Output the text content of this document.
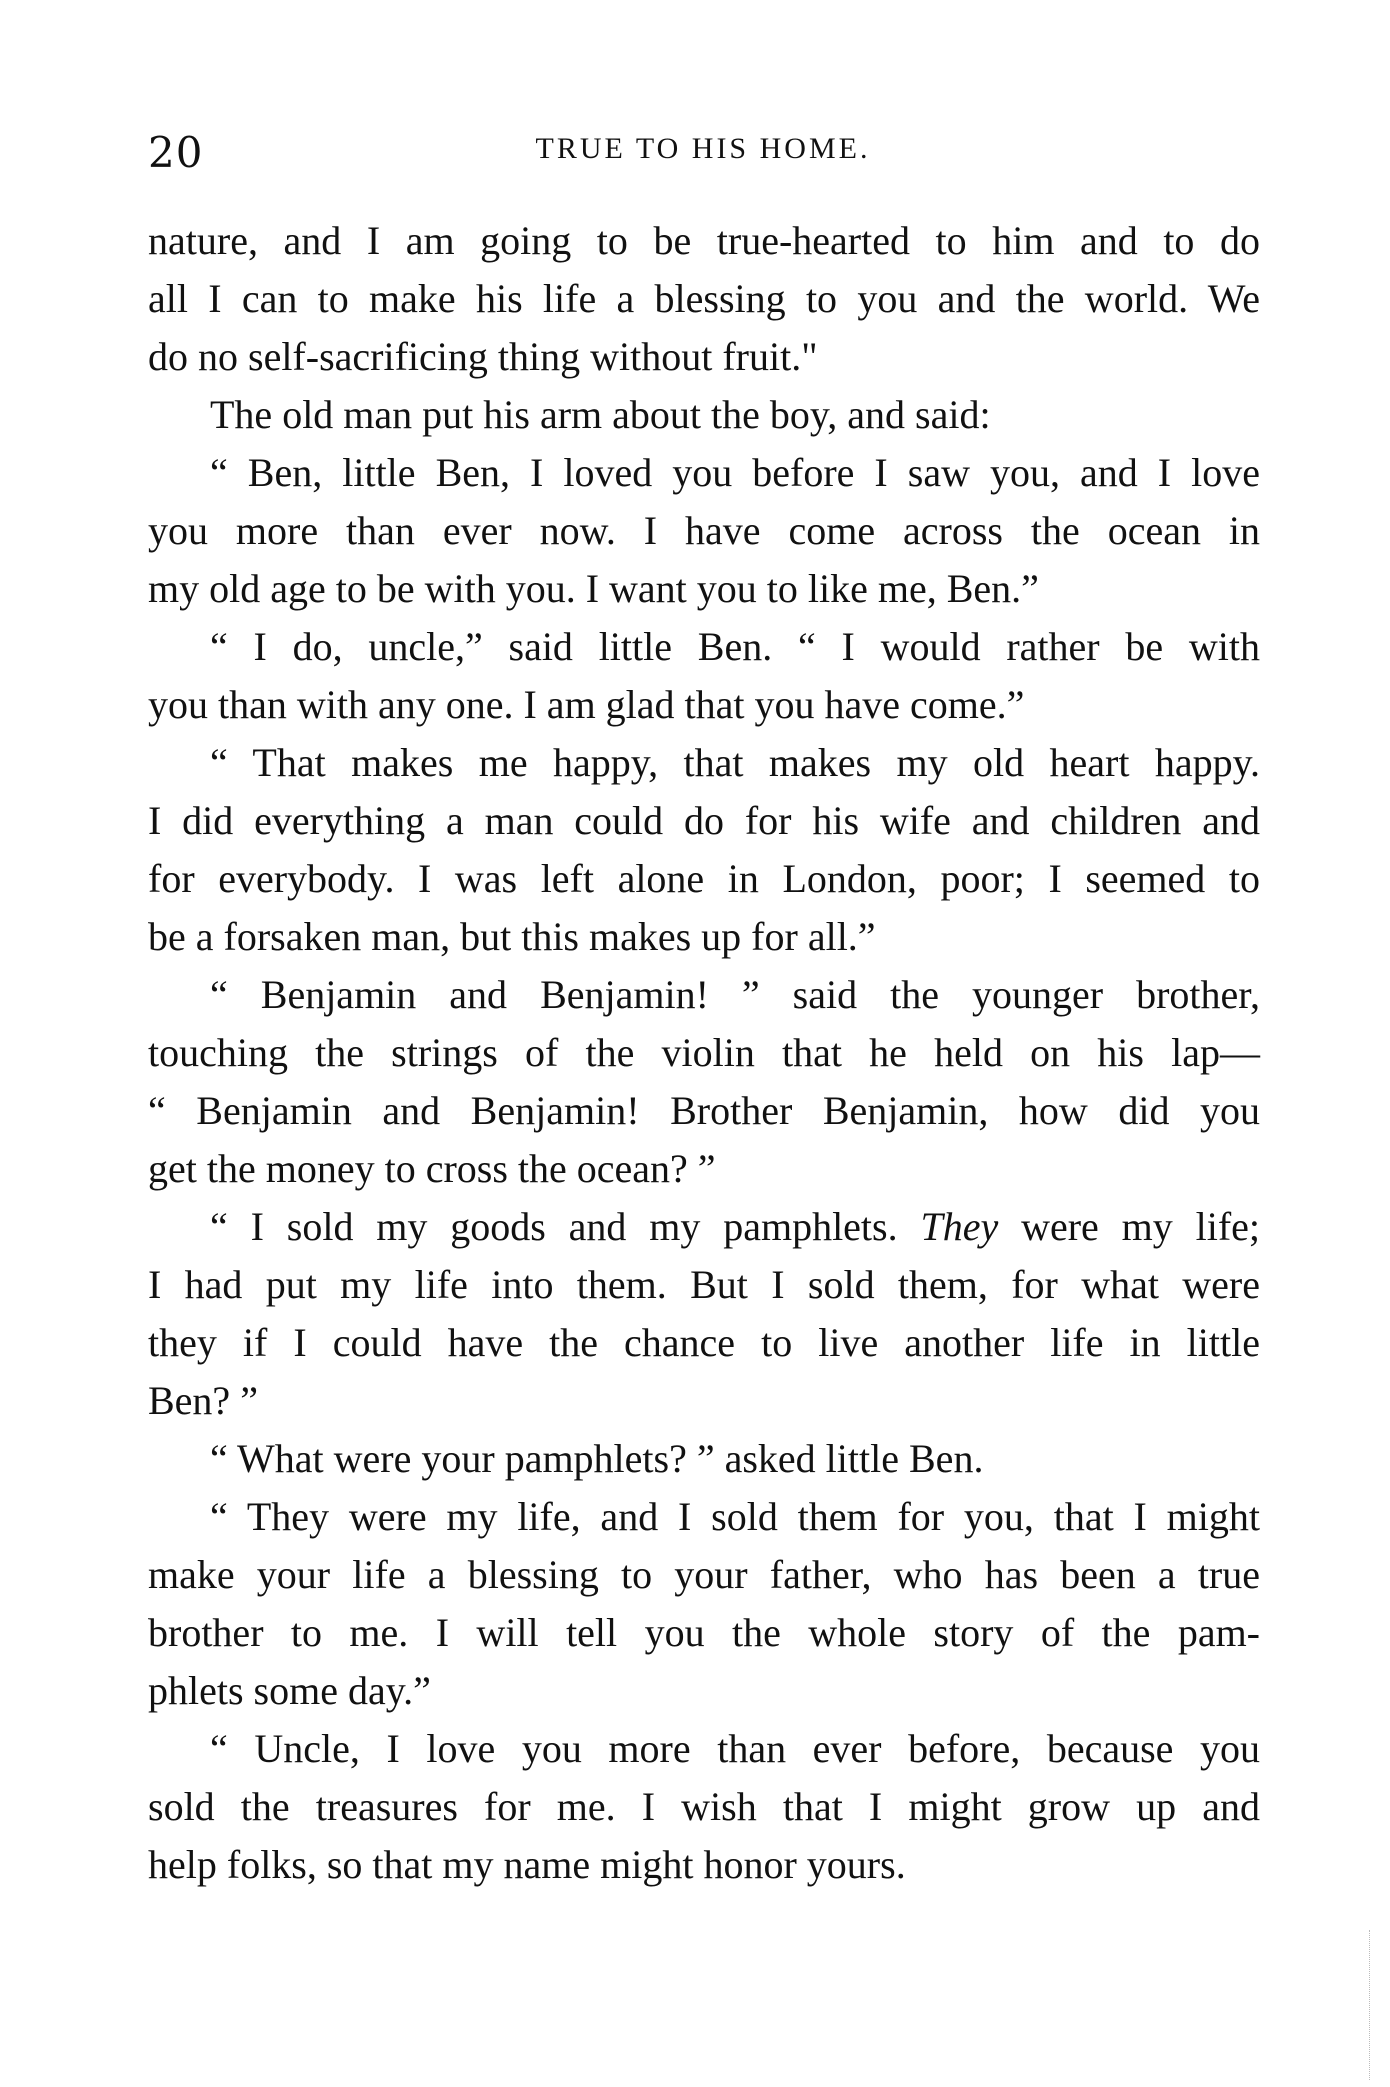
20	TRUE TO HIS HOME.
nature, and I am going to be true-hearted to him and to do
all I can to make his life a blessing to you and the world. We
do no self-sacrificing thing without fruit."
The old man put his arm about the boy, and said:
“ Ben, little Ben, I loved you before I saw you, and I love
you more than ever now. I have come across the ocean in
my old age to be with you. I want you to like me, Ben.”
“ I do, uncle,” said little Ben. “ I would rather be with
you than with any one. I am glad that you have come.”
“ That makes me happy, that makes my old heart happy.
I did everything a man could do for his wife and children and
for everybody. I was left alone in London, poor; I seemed to
be a forsaken man, but this makes up for all.”
“ Benjamin and Benjamin! ” said the younger brother,
touching the strings of the violin that he held on his lap—
“ Benjamin and Benjamin! Brother Benjamin, how did you
get the money to cross the ocean? ”
“ I sold my goods and my pamphlets. They were my life;
I had put my life into them. But I sold them, for what were
they if I could have the chance to live another life in little
Ben? ”
“ What were your pamphlets? ” asked little Ben.
“ They were my life, and I sold them for you, that I might
make your life a blessing to your father, who has been a true
brother to me. I will tell you the whole story of the pam-
phlets some day.”
“ Uncle, I love you more than ever before, because you
sold the treasures for me. I wish that I might grow up and
help folks, so that my name might honor yours.
